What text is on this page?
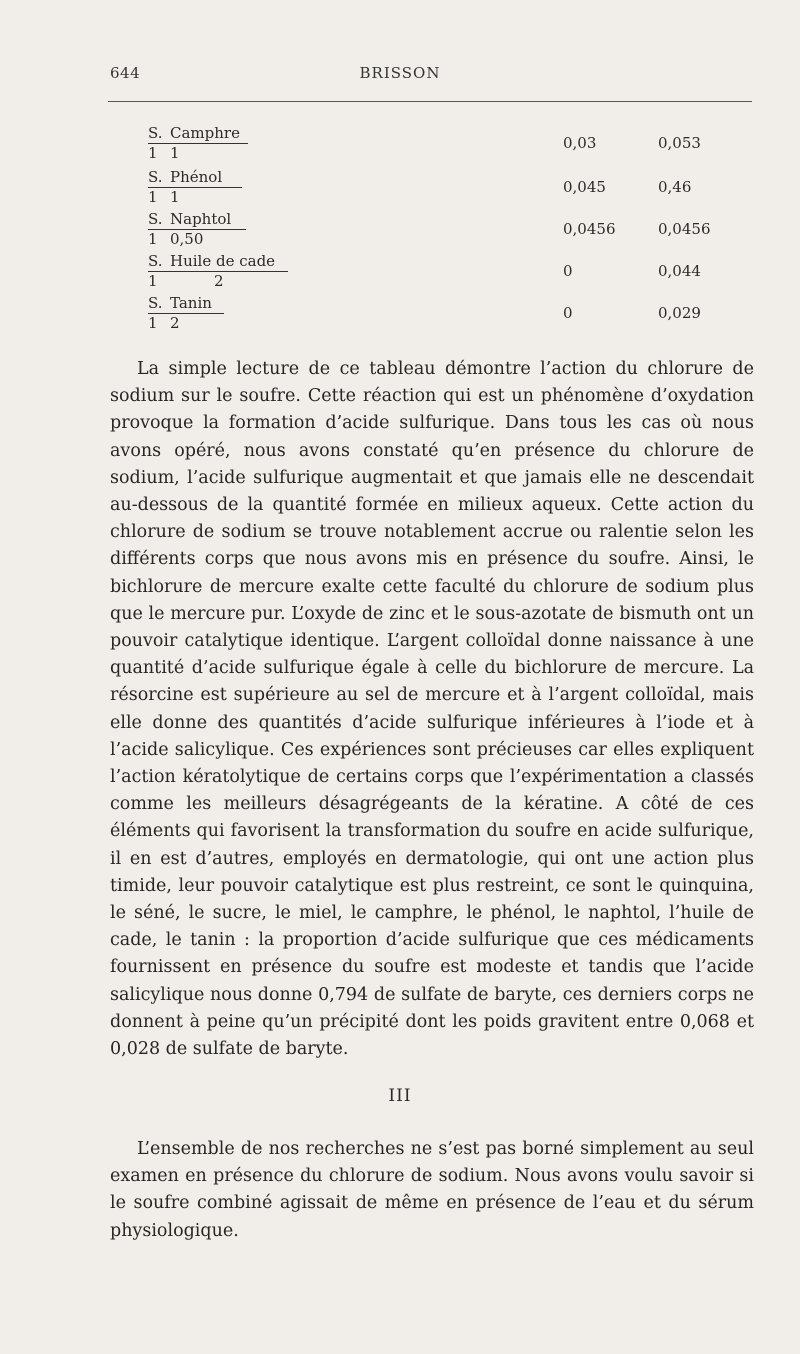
644	BRISSON
S. Camphre
1 1
0,03	0,053
S. Phénol
1 1
0,045	0,46
S. Naphtol
1 0,50
0,0456	0,0456
S. Huile de cade
1	2
0	0,044
S. Tanin
1 2
0	0,029

La simple lecture de ce tableau démontre l’action du chlorure de sodium sur le soufre. Cette réaction qui est un phénomène d’oxydation provoque la formation d’acide sulfurique. Dans tous les cas où nous avons opéré, nous avons constaté qu’en présence du chlorure de sodium, l’acide sulfurique augmentait et que jamais elle ne descendait au-dessous de la quantité formée en milieux aqueux. Cette action du chlorure de sodium se trouve notablement accrue ou ralentie selon les différents corps que nous avons mis en présence du soufre. Ainsi, le bichlorure de mercure exalte cette faculté du chlorure de sodium plus que le mercure pur. L’oxyde de zinc et le sous-azotate de bismuth ont un pouvoir catalytique identique. L’argent colloïdal donne naissance à une quantité d’acide sulfurique égale à celle du bichlorure de mercure. La résorcine est supérieure au sel de mercure et à l’argent colloïdal, mais elle donne des quantités d’acide sulfurique inférieures à l’iode et à l’acide salicylique. Ces expériences sont précieuses car elles expliquent l’action kératolytique de certains corps que l’expérimentation a classés comme les meilleurs désagrégeants de la kératine. A côté de ces éléments qui favorisent la transformation du soufre en acide sulfurique, il en est d’autres, employés en dermatologie, qui ont une action plus timide, leur pouvoir catalytique est plus restreint, ce sont le quinquina, le séné, le sucre, le miel, le camphre, le phénol, le naphtol, l’huile de cade, le tanin : la proportion d’acide sulfurique que ces médicaments fournissent en présence du soufre est modeste et tandis que l’acide salicylique nous donne 0,794 de sulfate de baryte, ces derniers corps ne donnent à peine qu’un précipité dont les poids gravitent entre 0,068 et 0,028 de sulfate de baryte.

III

L’ensemble de nos recherches ne s’est pas borné simplement au seul examen en présence du chlorure de sodium. Nous avons voulu savoir si le soufre combiné agissait de même en présence de l’eau et du sérum physiologique.
